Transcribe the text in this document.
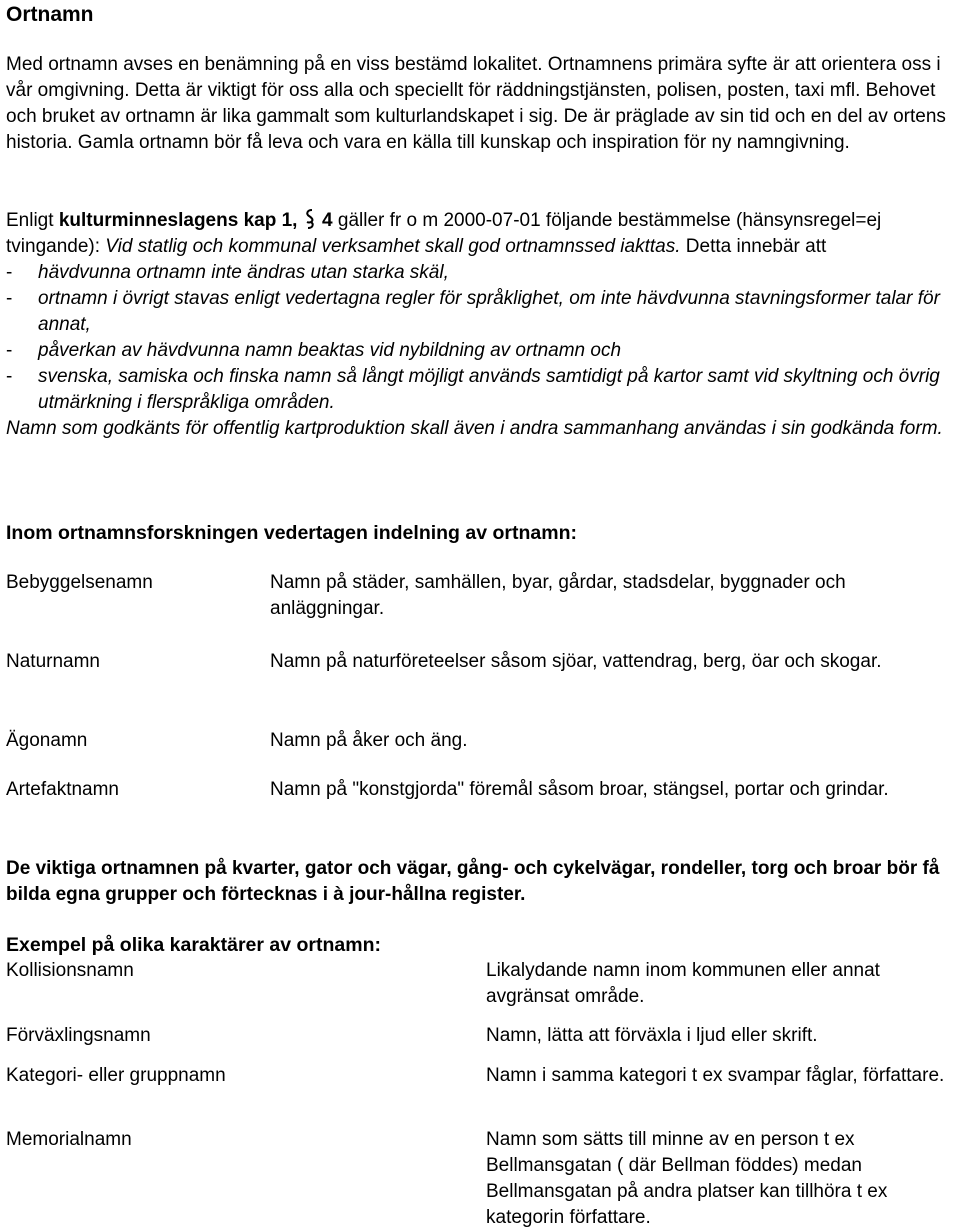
Ortnamn

Med ortnamn avses en benämning på en viss bestämd lokalitet. Ortnamnens primära syfte är att orientera oss i vår omgivning. Detta är viktigt för oss alla och speciellt för räddningstjänsten, polisen, posten, taxi mfl. Behovet och bruket av ortnamn är lika gammalt som kulturlandskapet i sig. De är präglade av sin tid och en del av ortens historia. Gamla ortnamn bör få leva och vara en källa till kunskap och inspiration för ny namngivning.

Enligt kulturminneslagens kap 1, 4 gäller fr o m 2000-07-01 följande bestämmelse (hänsynsregel=ej tvingande): Vid statlig och kommunal verksamhet skall god ortnamnssed iakttas. Detta innebär att

- hävdvunna ortnamn inte ändras utan starka skäl,
- ortnamn i övrigt stavas enligt vedertagna regler för språklighet, om inte hävdvunna stavningsformer talar för annat,
- påverkan av hävdvunna namn beaktas vid nybildning av ortnamn och
- svenska, samiska och finska namn så långt möjligt används samtidigt på kartor samt vid skyltning och övrig utmärkning i flerspråkliga områden.

Namn som godkänts för offentlig kartproduktion skall även i andra sammanhang användas i sin godkända form.

Inom ortnamnsforskningen vedertagen indelning av ortnamn:
Bebyggelsenamn	Namn på städer, samhällen, byar, gårdar, stadsdelar, byggnader och anläggningar.
Naturnamn	Namn på naturföreteelser såsom sjöar, vattendrag, berg, öar och skogar.
Ägonamn	Namn på åker och äng.
Artefaktnamn	Namn på "konstgjorda" föremål såsom broar, stängsel, portar och grindar.
De viktiga ortnamnen på kvarter, gator och vägar, gång- och cykelvägar, rondeller, torg och broar bör få bilda egna grupper och förtecknas i à jour-hållna register.
Exempel på olika karaktärer av ortnamn:
Kollisionsnamn	Likalydande namn inom kommunen eller annat avgränsat område.
Förväxlingsnamn	Namn, lätta att förväxla i ljud eller skrift.
Kategori- eller gruppnamn	Namn i samma kategori t ex svampar fåglar, författare.
Memorialnamn	Namn som sätts till minne av en person t ex Bellmansgatan ( där Bellman föddes) medan Bellmansgatan på andra platser kan tillhöra t ex kategorin författare.
